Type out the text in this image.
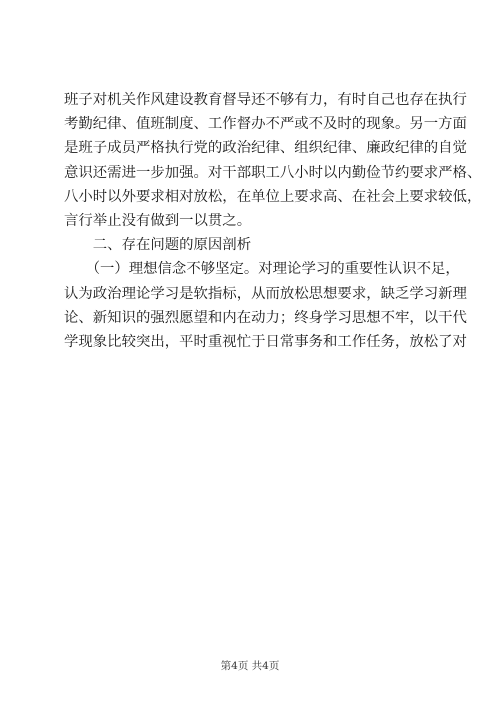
班子对机关作风建设教育督导还不够有力，有时自己也存在执行
考勤纪律、值班制度、工作督办不严或不及时的现象。另一方面
是班子成员严格执行党的政治纪律、组织纪律、廉政纪律的自觉
意识还需进一步加强。对干部职工八小时以内勤俭节约要求严格、
八小时以外要求相对放松，在单位上要求高、在社会上要求较低，
言行举止没有做到一以贯之。
　　二、存在问题的原因剖析
　　（一）理想信念不够坚定。对理论学习的重要性认识不足，
认为政治理论学习是软指标，从而放松思想要求，缺乏学习新理
论、新知识的强烈愿望和内在动力；终身学习思想不牢，以干代
学现象比较突出，平时重视忙于日常事务和工作任务，放松了对
第4页 共4页
